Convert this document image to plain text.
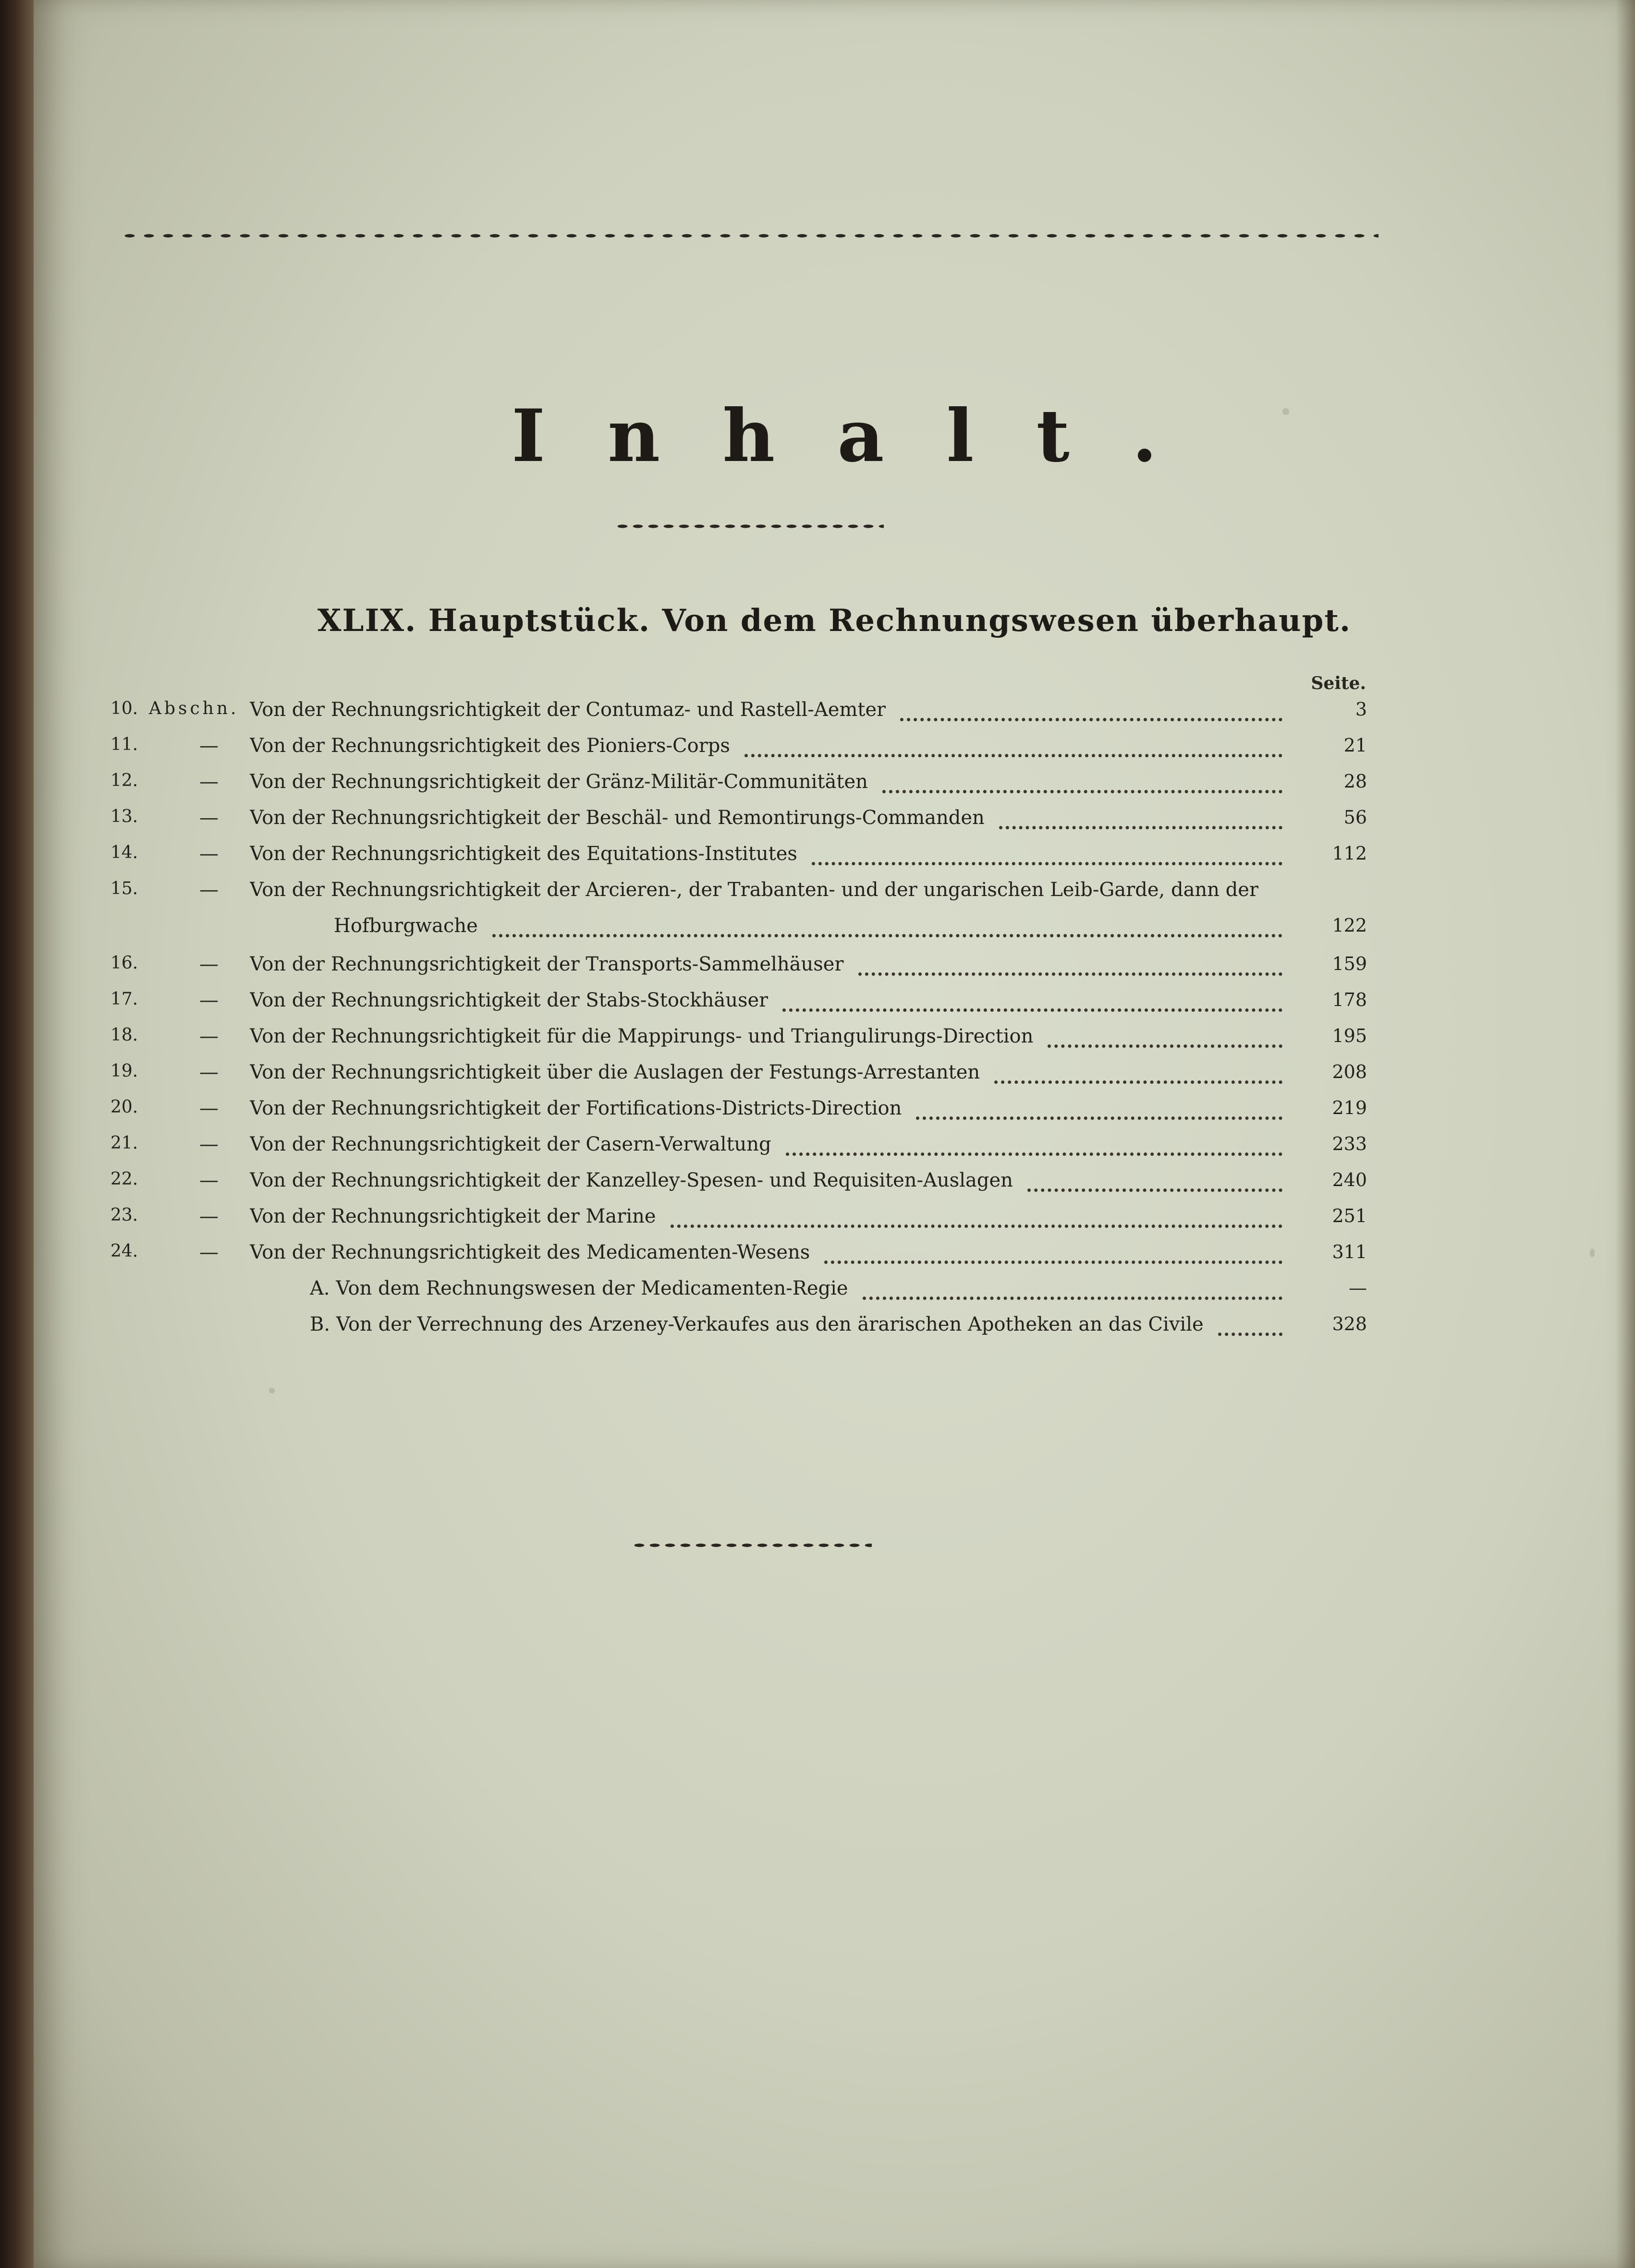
Inhalt.
XLIX. Hauptstück. Von dem Rechnungswesen überhaupt.
Seite.
10. Abschn. Von der Rechnungsrichtigkeit der Contumaz- und Rastell-Aemter	3
11.	—	Von der Rechnungsrichtigkeit des Pioniers-Corps	21
12.	—	Von der Rechnungsrichtigkeit der Gränz-Militär-Communitäten	28
13.	—	Von der Rechnungsrichtigkeit der Beschäl- und Remontirungs-Commanden	56
14.	—	Von der Rechnungsrichtigkeit des Equitations-Institutes	112
15.	—	Von der Rechnungsrichtigkeit der Arcieren-, der Trabanten- und der ungarischen Leib-Garde, dann der
Hofburgwache	122
16.	—	Von der Rechnungsrichtigkeit der Transports-Sammelhäuser	159
17.	—	Von der Rechnungsrichtigkeit der Stabs-Stockhäuser	178
18.	—	Von der Rechnungsrichtigkeit für die Mappirungs- und Triangulirungs-Direction	195
19.	—	Von der Rechnungsrichtigkeit über die Auslagen der Festungs-Arrestanten	208
20.	—	Von der Rechnungsrichtigkeit der Fortifications-Districts-Direction	219
21.	—	Von der Rechnungsrichtigkeit der Casern-Verwaltung	233
22.	—	Von der Rechnungsrichtigkeit der Kanzelley-Spesen- und Requisiten-Auslagen	240
23.	—	Von der Rechnungsrichtigkeit der Marine	251
24.	—	Von der Rechnungsrichtigkeit des Medicamenten-Wesens	311
A. Von dem Rechnungswesen der Medicamenten-Regie	—
B. Von der Verrechnung des Arzeney-Verkaufes aus den ärarischen Apotheken an das Civile	328
